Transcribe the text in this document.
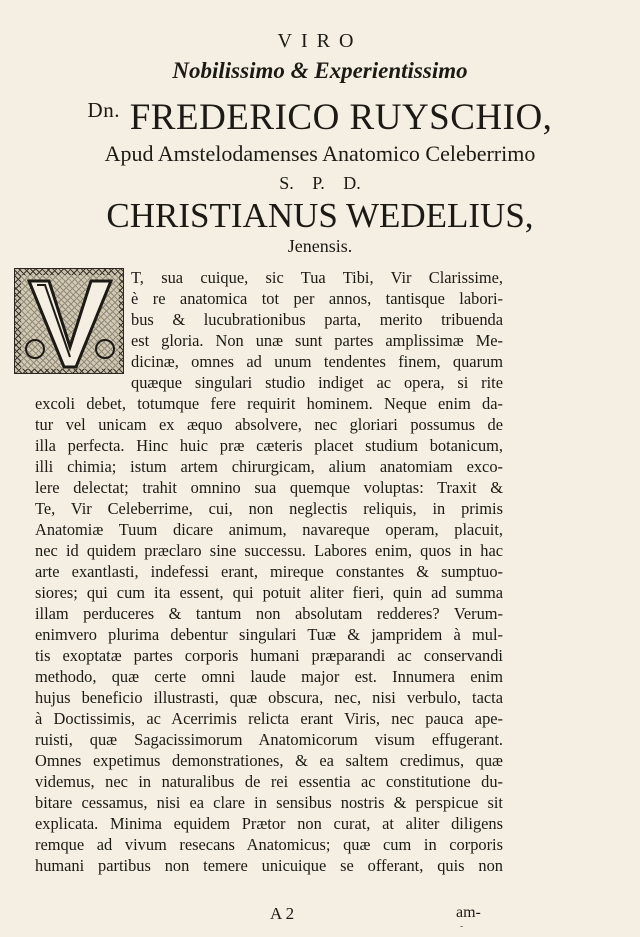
VIRO
Nobilissimo & Experientissimo
$^{Dn.}$ FREDERICO RUYSCHIO,
Apud Amstelodamenses Anatomico Celeberrimo
S. P. D.
CHRISTIANUS WEDELIUS,
Jenensis.
T, sua cuique, sic Tua Tibi, Vir Clarissime,
è re anatomica tot per annos, tantisque labori-
bus & lucubrationibus parta, merito tribuenda
est gloria. Non unæ sunt partes amplissimæ Me-
dicinæ, omnes ad unum tendentes finem, quarum
quæque singulari studio indiget ac opera, si rite
excoli debet, totumque fere requirit hominem. Neque enim da-
tur vel unicam ex æquo absolvere, nec gloriari possumus de
illa perfecta. Hinc huic præ cæteris placet studium botanicum,
illi chimia; istum artem chirurgicam, alium anatomiam exco-
lere delectat; trahit omnino sua quemque voluptas: Traxit &
Te, Vir Celeberrime, cui, non neglectis reliquis, in primis
Anatomiæ Tuum dicare animum, navareque operam, placuit,
nec id quidem præclaro sine successu. Labores enim, quos in hac
arte exantlasti, indefessi erant, mireque constantes & sumptuo-
siores; qui cum ita essent, qui potuit aliter fieri, quin ad summa
illam perduceres & tantum non absolutam redderes? Verum-
enimvero plurima debentur singulari Tuæ & jampridem à mul-
tis exoptatæ partes corporis humani præparandi ac conservandi
methodo, quæ certe omni laude major est. Innumera enim
hujus beneficio illustrasti, quæ obscura, nec, nisi verbulo, tacta
à Doctissimis, ac Acerrimis relicta erant Viris, nec pauca ape-
ruisti, quæ Sagacissimorum Anatomicorum visum effugerant.
Omnes expetimus demonstrationes, & ea saltem credimus, quæ
videmus, nec in naturalibus de rei essentia ac constitutione du-
bitare cessamus, nisi ea clare in sensibus nostris & perspicue sit
explicata. Minima equidem Prætor non curat, at aliter diligens
remque ad vivum resecans Anatomicus; quæ cum in corporis
humani partibus non temere unicuique se offerant, quis non
A 2	am-
-
